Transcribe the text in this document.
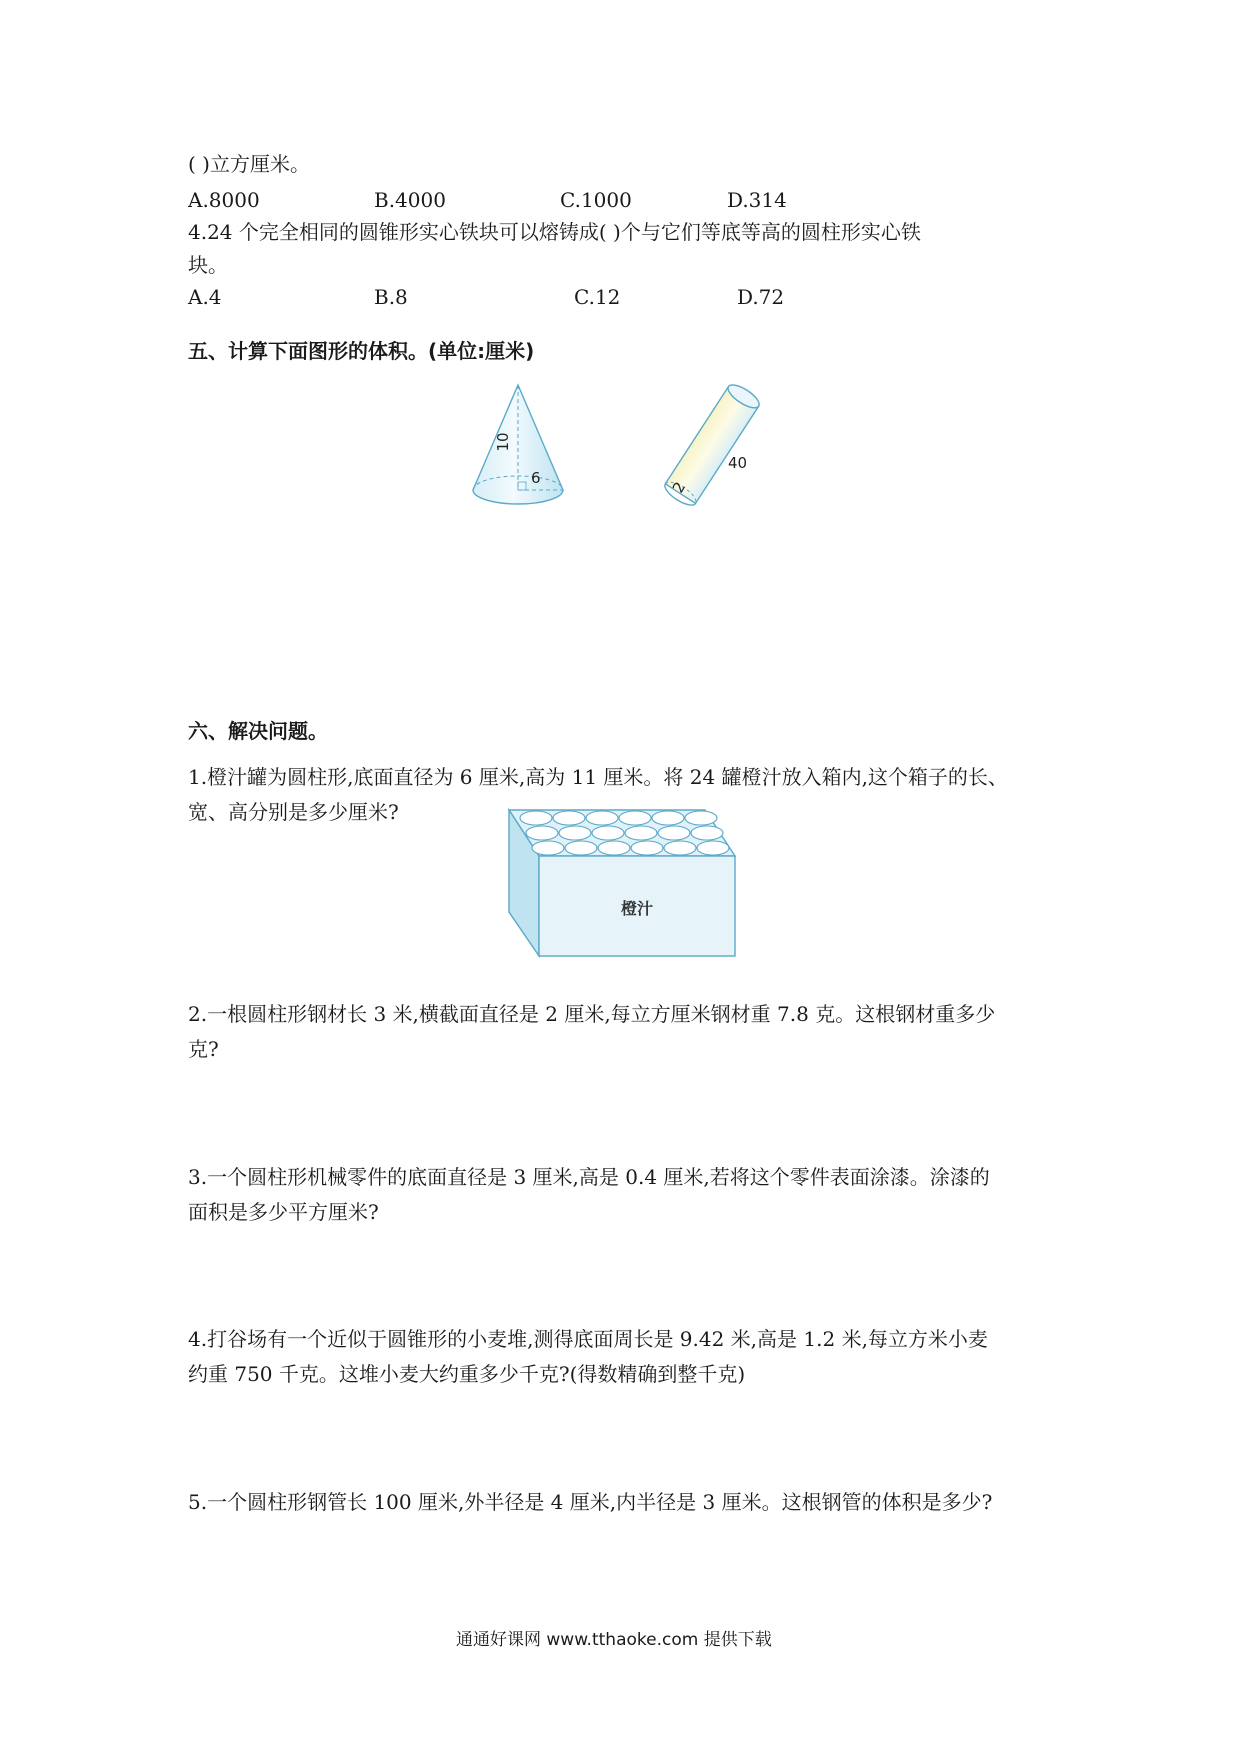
( )立方厘米。
A.8000	B.4000	C.1000	D.314
4.24 个完全相同的圆锥形实心铁块可以熔铸成( )个与它们等底等高的圆柱形实心铁
块。
A.4	B.8	C.12	D.72
五、计算下面图形的体积。(单位:厘米)
10
6
40
2
六、解决问题。
1.橙汁罐为圆柱形,底面直径为 6 厘米,高为 11 厘米。将 24 罐橙汁放入箱内,这个箱子的长、
宽、高分别是多少厘米?
橙汁
2.一根圆柱形钢材长 3 米,横截面直径是 2 厘米,每立方厘米钢材重 7.8 克。这根钢材重多少
克?
3.一个圆柱形机械零件的底面直径是 3 厘米,高是 0.4 厘米,若将这个零件表面涂漆。涂漆的
面积是多少平方厘米?
4.打谷场有一个近似于圆锥形的小麦堆,测得底面周长是 9.42 米,高是 1.2 米,每立方米小麦
约重 750 千克。这堆小麦大约重多少千克?(得数精确到整千克)
5.一个圆柱形钢管长 100 厘米,外半径是 4 厘米,内半径是 3 厘米。这根钢管的体积是多少?
通通好课网 www.tthaoke.com 提供下载
